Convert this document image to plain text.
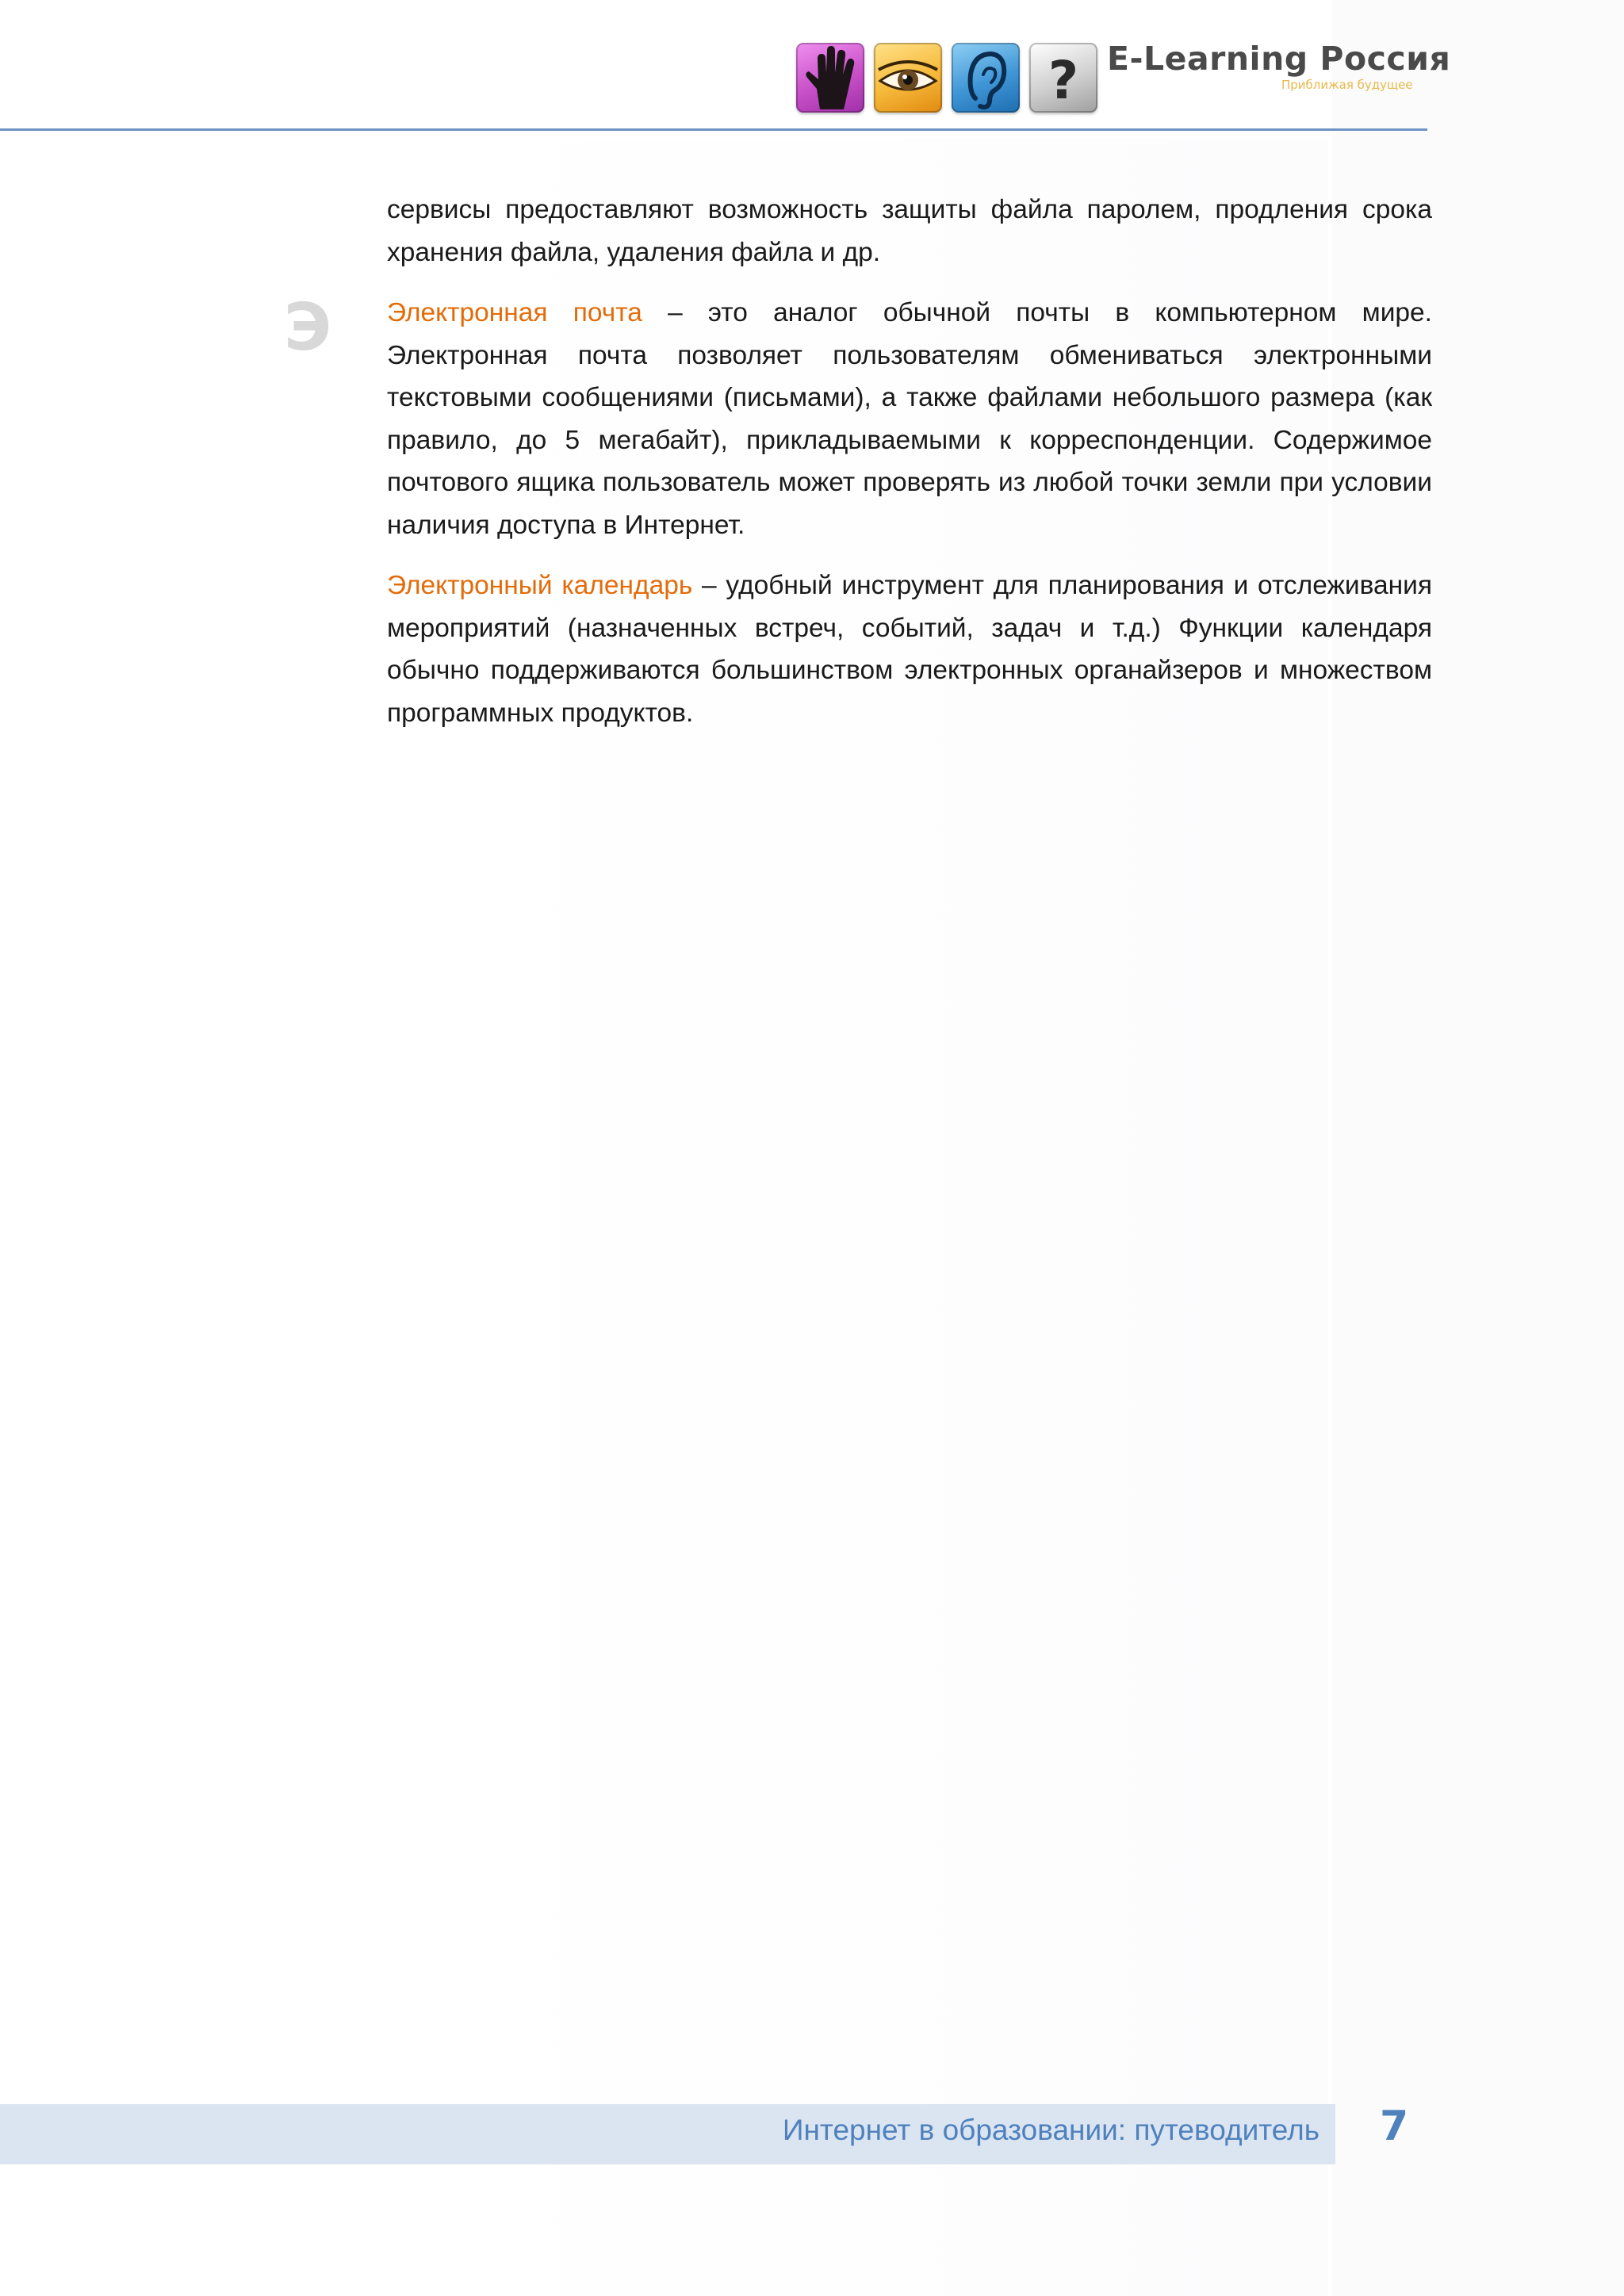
? E-Learning Россия
Приближая будущее
Э

сервисы предоставляют возможность защиты файла паролем, продления срока хранения файла, удаления файла и др.

Электронная почта – это аналог обычной почты в компьютерном мире. Электронная почта позволяет пользователям обмениваться электронными текстовыми сообщениями (письмами), а также файлами небольшого размера (как правило, до 5 мегабайт), прикладываемыми к корреспонденции. Содержимое почтового ящика пользователь может проверять из любой точки земли при условии наличия доступа в Интернет.

Электронный календарь – удобный инструмент для планирования и отслеживания мероприятий (назначенных встреч, событий, задач и т.д.) Функции календаря обычно поддерживаются большинством электронных органайзеров и множеством программных продуктов.

Интернет в образовании: путеводитель 7
